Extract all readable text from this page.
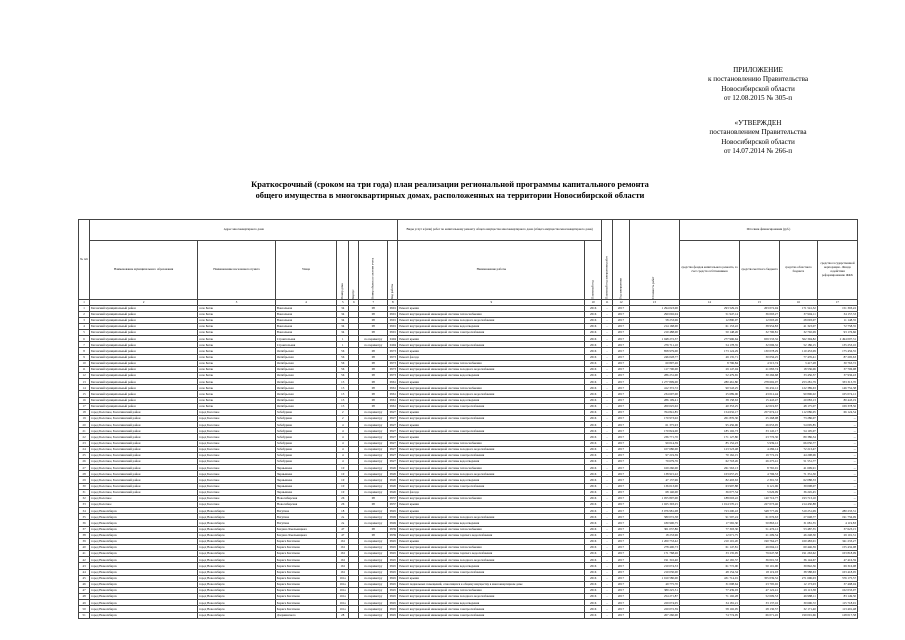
ПРИЛОЖЕНИЕ
к постановлению Правительства
Новосибирской области
от 12.08.2015 № 305-п
«УТВЕРЖДЕН
постановлением Правительства
Новосибирской области
от 14.07.2014 № 266-п
Краткосрочный (сроком на три года) план реализации региональной программы капитального ремонта
общего имущества в многоквартирных домах, расположенных на территории Новосибирской области
№ п/п	Адрес многоквартирного дома							Виды услуг и (или) работ по капитальному ремонту общего имущества многоквартирного дома (общего имущества многоквартирного дома)		Плановый год завершения работ	Год завершения	Стоимость работ	Источник финансирования (руб.)			
	Наименование муниципального образования	Наименование населенного пункта	Улица	Номер дома	Корпус	Номер объекта в системе учета	Код работы	Наименование работы	Плановый год				средства фондов капитального ремонта, за счет средств собственников	средства местного бюджета	средства областного бюджета	средства государственной корпорации - Фонда содействия реформированию ЖКХ
1	2	3	4	5	6	7	8	9	10	11	12	13	14	15	16	17
1	Баганский муниципальный район	село Багак	Вокзальная	34		08	0901	Ремонт крыши	2016	-	2017	1 294 023,00	293 529,19	203 072,94	171 541,52	151 393,22
2	Баганский муниципальный район	село Багак	Вокзальная	34		08	0901	Ремонт внутридомовой инженерной системы теплоснабжения	2016	-	2017	290 002,04	51 947,14	36 093,27	37 904,11	34 157,33
3	Баганский муниципальный район	село Багак	Вокзальная	34		08	0901	Ремонт внутридомовой инженерной системы холодного водоснабжения	2016	-	2017	58 233,06	12 890,97	12 003,20	28 093,07	11 148,35
4	Баганский муниципальный район	село Багак	Вокзальная	34		08	0901	Ремонт внутридомовой инженерной системы водоотведения	2016	-	2017	214 168,00	61 153,22	38 954,83	41 323,07	72 758,35
5	Баганский муниципальный район	село Багак	Вокзальная	34		08	0901	Ремонт внутридомовой инженерной системы электроснабжения	2016	-	2017	210 488,00	50 148,26	32 790,81	32 702,09	93 176,66
6	Баганский муниципальный район	село Багак	Строительная	1		по периметру	0494	Ремонт крыши	2016	-	2017	1 948 272,37	277 996,64	659 533,32	562 394,82	2 494 097,31
7	Баганский муниципальный район	село Багак	Строительная	1		по периметру	0494	Ремонт внутридомовой инженерной системы электроснабжения	2016	-	2017	276 711,10	54 178,35	32 096,32	52 186,15	135 253,10
8	Баганский муниципальный район	село Багак	Октябрьская	56		08	0973	Ремонт крыши	2016	-	2017	858 979,00	173 124,29	130 078,29	110 453,09	175 456,55
9	Баганский муниципальный район	село Багак	Октябрьская	56		08	0973	Ремонт фасада	2016	-	2017	246 028,77	49 135,71	30 056,25	77 476,41	87 295,63
10	Баганский муниципальный район	село Багак	Октябрьская	56		08	0973	Ремонт внутридомовой инженерной системы теплоснабжения	2016	-	2017	60 897,26	8 796,84	4 515,74	3 417,28	30 763,72
11	Баганский муниципальный район	село Багак	Октябрьская	56		08	0973	Ремонт внутридомовой инженерной системы холодного водоснабжения	2016	-	2017	117 700,00	29 147,04	21 083,74	18 536,06	37 706,98
12	Баганский муниципальный район	село Багак	Октябрьская	56		08	0973	Ремонт внутридомовой инженерной системы водоотведения	2016	-	2017	286 231,00	52 479,65	30 266,68	33 456,57	37 936,43
13	Баганский муниципальный район	село Багак	Октябрьская	13		08	0961	Ремонт крыши	2016	-	2017	1 277 809,00	280 461,80	278 692,07	253 281,79	333 313,70
14	Баганский муниципальный район	село Багак	Октябрьская	13		08	0961	Ремонт внутридомовой инженерной системы теплоснабжения	2016	-	2017	412 372,72	90 543,25	56 432,12	122 389,63	146 752,38
15	Баганский муниципальный район	село Багак	Октябрьская	13		08	0961	Ремонт внутридомовой инженерной системы холодного водоснабжения	2016	-	2017	234 697,00	25 689,06	43 012,44	90 896,02	105 074,12
16	Баганский муниципальный район	село Багак	Октябрьская	13		08	0961	Ремонт внутридомовой инженерной системы водоотведения	2016	-	2017	286 109,41	38 158,63	15 443,47	20 083,13	80 443,19
17	Баганский муниципальный район	село Багак	Октябрьская	13		08	0961	Ремонт внутридомовой инженерной системы электроснабжения	2016	-	2017	200 025,02	40 353,25	42 019,67	48 175,07	109 378,56
18	город Болотное, Болотнинский район	город Болотное	Забабурина	2		по периметру	0927	Ремонт крыши	2016	-	2017	764 841,85	154 632,17	257 674,12	112 086,05	66 124,54
19	город Болотное, Болотнинский район	город Болотное	Забабурина	2		по периметру	0927	Ремонт внутридомовой инженерной системы электроснабжения	2016	-	2017	170 973,02	201 876,30	25 268,98	73 286,07	...
20	город Болотное, Болотнинский район	город Болотное	Забабурина	4		по периметру	0927	Ремонт крыши	2016	-	2017	61 375,93	95 456,96	26 653,05	54 095,85	...
21	город Болотное, Болотнинский район	город Болотное	Забабурина	4		по периметру	0927	Ремонт внутридомовой инженерной системы электроснабжения	2016	-	2017	170 824,00	185 102,73	33 145,17	54 105,07	...
22	город Болотное, Болотнинский район	город Болотное	Забабурина	4		по периметру	0927	Ремонт крыши	2016	-	2017	236 771,70	171 127,80	23 776,30	89 386,34	...
23	город Болотное, Болотнинский район	город Болотное	Забабурина	4		по периметру	0927	Ремонт внутридомовой инженерной системы теплоснабжения	2016	-	2017	99 014,39	85 152,23	5 939,12	66 050,77	...
24	город Болотное, Болотнинский район	город Болотное	Забабурина	4		по периметру	0927	Ремонт внутридомовой инженерной системы холодного водоснабжения	2016	-	2017	107 680,00	123 523,48	4 286,14	72 213,47	...
25	город Болотное, Болотнинский район	город Болотное	Забабурина	4		по периметру	0927	Ремонт внутридомовой инженерной системы электроснабжения	2016	-	2017	97 219,39	70 162,15	19 772,19	44 298,06	...
26	город Болотное, Болотнинский район	город Болотное	Забабурина	4		по периметру	0927	Ремонт внутридомовой инженерной системы водоотведения	2016	-	2017	79 679,76	62 718,26	26 275,41	51 551,77	...
27	город Болотное, Болотнинский район	город Болотное	Чернышева	10		по периметру	0926	Ремонт внутридомовой инженерной системы теплоснабжения	2016	-	2017	169 260,00	261 563,13	8 765,91	41 699,91	...
28	город Болотное, Болотнинский район	город Болотное	Чернышева	10		по периметру	0926	Ремонт внутридомовой инженерной системы холодного водоснабжения	2016	-	2017	138 915,22	103 657,25	4 796,53	71 331,30	...
29	город Болотное, Болотнинский район	город Болотное	Чернышева	10		по периметру	0926	Ремонт внутридомовой инженерной системы водоотведения	2016	-	2017	47 137,96	82 493,63	2 391,33	62 088,33	...
30	город Болотное, Болотнинский район	город Болотное	Чернышева	10		по периметру	0926	Ремонт внутридомовой инженерной системы электроснабжения	2016	-	2017	136 013,00	63 997,88	9 121,06	39 008,07	...
31	город Болотное, Болотнинский район	город Болотное	Чернышева	10		по периметру	0926	Ремонт фасада	2016	-	2017	68 140,00	36 077,54	5 026,99	36 245,45	...
32	город Болотное	город Болотное	Новосибирская	26		08	0937	Ремонт внутридомовой инженерной системы теплоснабжения	2016	-	2017	1 055 807,00	188 003,22	140 716,77	193 713,10	...
33	город Болотное	город Болотное	Новосибирская	26		08	0937	Ремонт крыши	2016	-	2017	1 025 393,25	1 014 570,21	227 073,46	214 430,88	...
34	город Новосибирск	город Новосибирск	Ватутина	18		по периметру	0945	Ремонт крыши	2016	-	2017	3 076 981,08	723 200,43	548 777,49	519 251,09	280 233,31
35	город Новосибирск	город Новосибирск	Ватутина	2а		по периметру	0949	Ремонт внутридомовой инженерной системы холодного водоснабжения	2016	-	2017	580 072,38	91 597,24	61 076,63	27 648,77	191 756,09
36	город Новосибирск	город Новосибирск	Ватутина	2а		по периметру	0949	Ремонт внутридомовой инженерной системы водоотведения	2016	-	2017	180 900,75	17 565,30	50 863,12	31 681,55	4 119,83
37	город Новосибирск	город Новосибирск	Богдана Хмельницкого	47		08	0939	Ремонт внутридомовой инженерной системы теплоснабжения	2016	-	2017	301 037,86	77 303,30	51 476,12	53 487,55	37 623,15
38	город Новосибирск	город Новосибирск	Богдана Хмельницкого	47		08	0939	Ремонт внутридомовой инженерной системы горячего водоснабжения	2016	-	2017	18 233,96	12 671,75	21 209,54	46 248,30	29 101,31
39	город Новосибирск	город Новосибирск	Бориса Богаткова	161		по периметру	0945	Ремонт крыши	2016	-	2017	1 200 733,42	210 101,20	190 764,27	160 483,01	341 233,27
40	город Новосибирск	город Новосибирск	Бориса Богаткова	161		по периметру	0945	Ремонт внутридомовой инженерной системы теплоснабжения	2016	-	2017	278 400,73	61 147,81	49 094,12	60 446,59	155 432,08
41	город Новосибирск	город Новосибирск	Бориса Богаткова	161		по периметру	0945	Ремонт внутридомовой инженерной системы горячего водоснабжения	2016	-	2017	171 768,26	33 135,95	79 647,58	191 263,62	103 818,09
42	город Новосибирск	город Новосибирск	Бориса Богаткова	161		по периметру	0945	Ремонт внутридомовой инженерной системы холодного водоснабжения	2016	-	2017	191 316,40	42 165,57	36 001,33	36 144,67	47 416,59
43	город Новосибирск	город Новосибирск	Бориса Богаткова	161		по периметру	0945	Ремонт внутридомовой инженерной системы водоотведения	2016	-	2017	210 074,33	61 772,00	50 101,90	39 842,36	69 316,08
44	город Новосибирск	город Новосибирск	Бориса Богаткова	161		по периметру	0945	Ремонт внутридомовой инженерной системы электроснабжения	2016	-	2017	210 030,00	48 154,34	18 119,03	38 588,63	103 418,05
45	город Новосибирск	город Новосибирск	Бориса Богаткова	161а		по периметру	0945	Ремонт крыши	2016	-	2017	1 910 580,00	431 714,01	355 039,52	271 696,03	576 175,57
46	город Новосибирск	город Новосибирск	Бориса Богаткова	161а		по периметру	0945	Ремонт подвальных помещений, относящихся к общему имуществу в многоквартирном доме	2016	-	2017	49 775,70	31 008,64	23 795,02	12 173,03	37 498,04
47	город Новосибирск	город Новосибирск	Бориса Богаткова	161а		по периметру	0945	Ремонт внутридомовой инженерной системы теплоснабжения	2016	-	2017	389 225,51	77 439,03	47 122,41	29 113,58	102 033,07
48	город Новосибирск	город Новосибирск	Бориса Богаткова	161а		по периметру	0945	Ремонт внутридомовой инженерной системы холодного водоснабжения	2016	-	2017	254 271,87	71 192,28	52 009,53	46 988,11	83 149,50
49	город Новосибирск	город Новосибирск	Бориса Богаткова	161а		по периметру	0945	Ремонт внутридомовой инженерной системы водоотведения	2016	-	2017	229 074,05	34 181,21	33 137,16	30 696,72	115 718,91
50	город Новосибирск	город Новосибирск	Бориса Богаткова	161а		по периметру	0945	Ремонт внутридомовой инженерной системы электроснабжения	2016	-	2017	220 072,59	58 102,05	28 130,57	32 171,40	113 491,48
51	город Новосибирск	город Новосибирск	Дзержинского	28		по периметру	0945	Ремонт внутридомовой инженерной системы электроснабжения	2016	-	2017	267 260,00	74 774,05	66 071,45	199 001,66	128 017,58
